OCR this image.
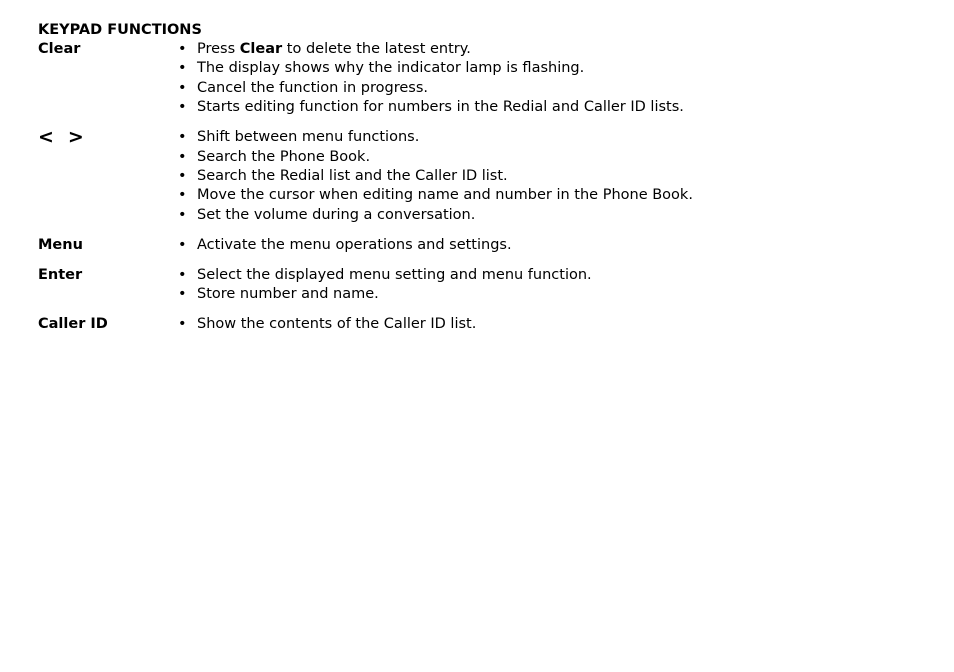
KEYPAD FUNCTIONS
Clear	• Press Clear to delete the latest entry.
• The display shows why the indicator lamp is flashing.
• Cancel the function in progress.
• Starts editing function for numbers in the Redial and Caller ID lists.
< >	• Shift between menu functions.
• Search the Phone Book.
• Search the Redial list and the Caller ID list.
• Move the cursor when editing name and number in the Phone Book.
• Set the volume during a conversation.
Menu	• Activate the menu operations and settings.
Enter	• Select the displayed menu setting and menu function.
• Store number and name.
Caller ID	• Show the contents of the Caller ID list.
